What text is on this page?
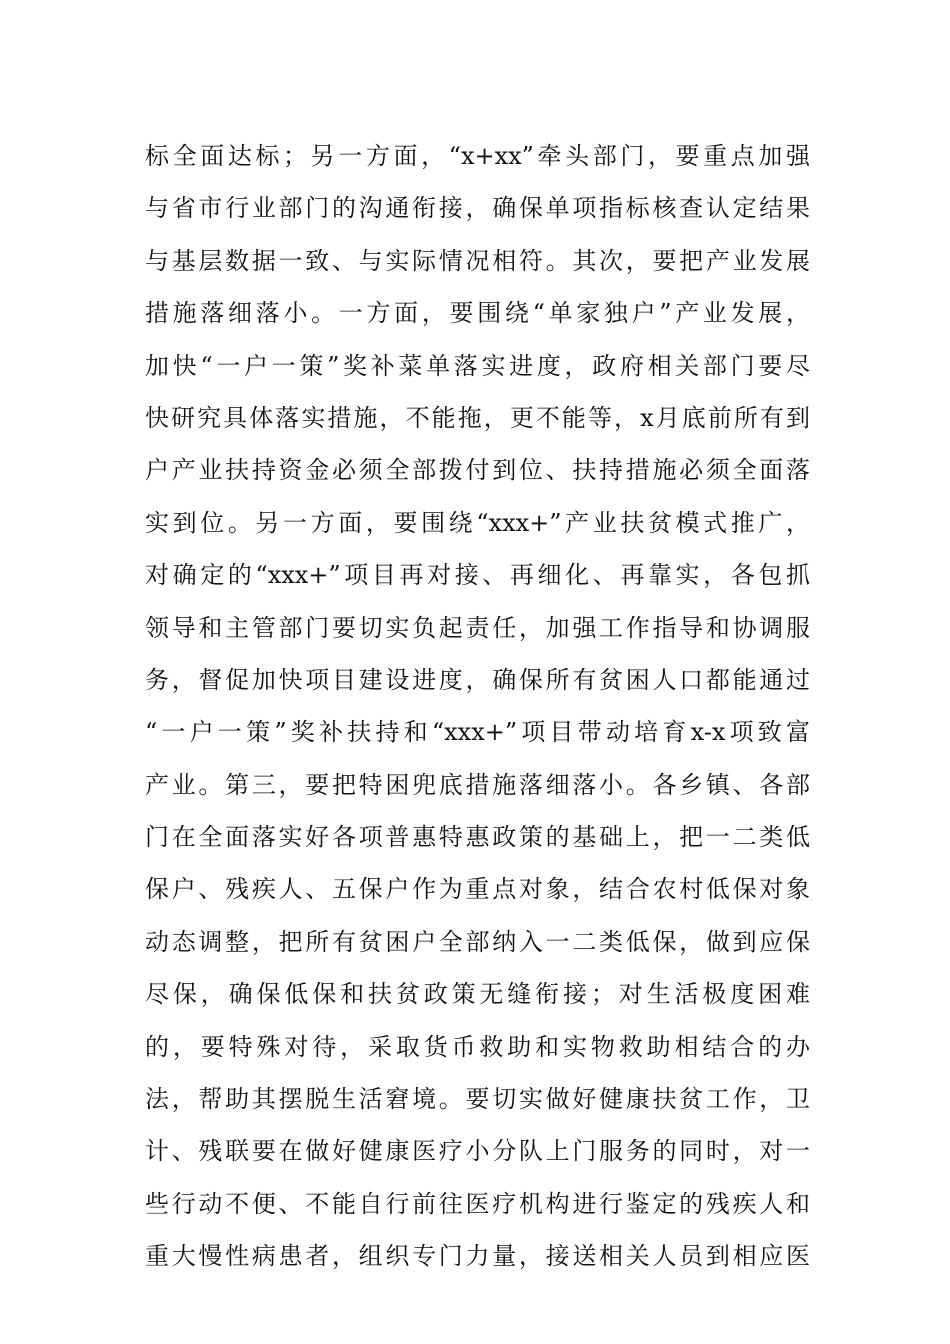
标全面达标；另一方面，“x+xx”牵头部门，要重点加强
与省市行业部门的沟通衔接，确保单项指标核查认定结果
与基层数据一致、与实际情况相符。其次，要把产业发展
措施落细落小。一方面，要围绕“单家独户”产业发展，
加快“一户一策”奖补菜单落实进度，政府相关部门要尽
快研究具体落实措施，不能拖，更不能等，x月底前所有到
户产业扶持资金必须全部拨付到位、扶持措施必须全面落
实到位。另一方面，要围绕“xxx+”产业扶贫模式推广，
对确定的“xxx+”项目再对接、再细化、再靠实，各包抓
领导和主管部门要切实负起责任，加强工作指导和协调服
务，督促加快项目建设进度，确保所有贫困人口都能通过
“一户一策”奖补扶持和“xxx+”项目带动培育x-x项致富
产业。第三，要把特困兜底措施落细落小。各乡镇、各部
门在全面落实好各项普惠特惠政策的基础上，把一二类低
保户、残疾人、五保户作为重点对象，结合农村低保对象
动态调整，把所有贫困户全部纳入一二类低保，做到应保
尽保，确保低保和扶贫政策无缝衔接；对生活极度困难
的，要特殊对待，采取货币救助和实物救助相结合的办
法，帮助其摆脱生活窘境。要切实做好健康扶贫工作，卫
计、残联要在做好健康医疗小分队上门服务的同时，对一
些行动不便、不能自行前往医疗机构进行鉴定的残疾人和
重大慢性病患者，组织专门力量，接送相关人员到相应医
